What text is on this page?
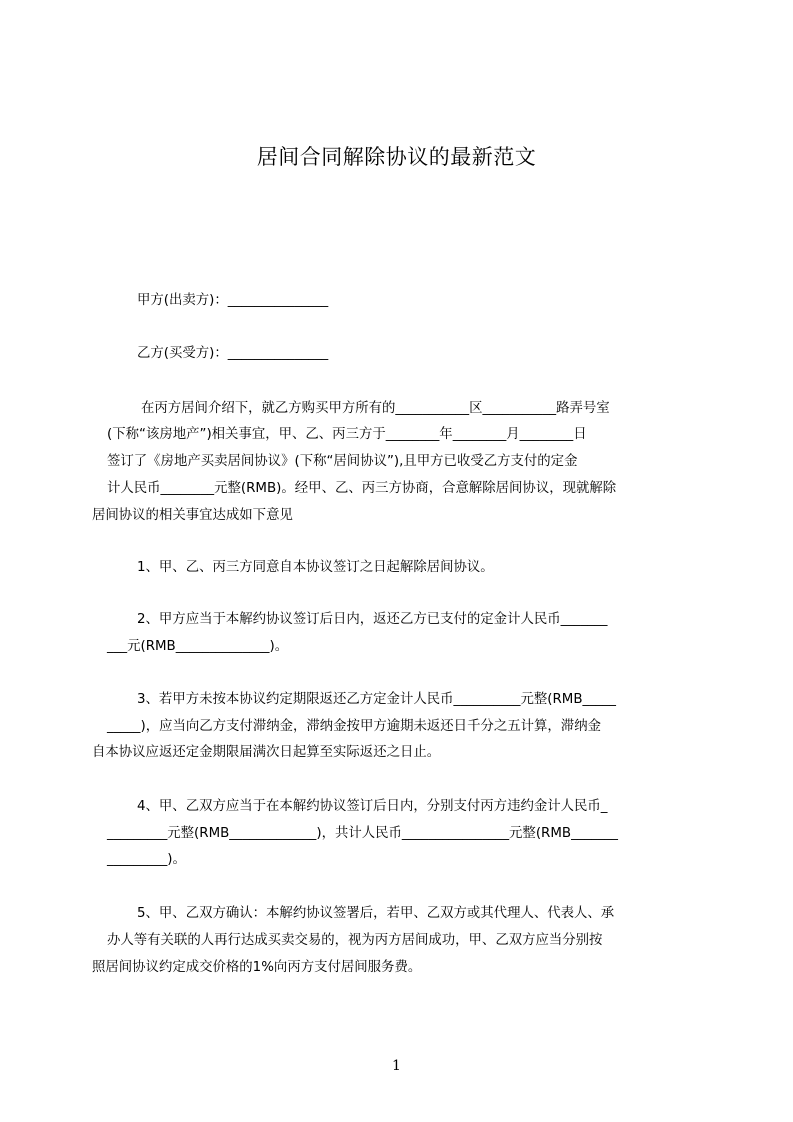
居间合同解除协议的最新范文
甲方(出卖方)：_______________
乙方(买受方)：_______________
在丙方居间介绍下，就乙方购买甲方所有的___________区___________路弄号室
(下称“该房地产”)相关事宜，甲、乙、丙三方于________年________月________日
签订了《房地产买卖居间协议》(下称“居间协议”),且甲方已收受乙方支付的定金
计人民币________元整(RMB)。经甲、乙、丙三方协商，合意解除居间协议，现就解除
居间协议的相关事宜达成如下意见
1、甲、乙、丙三方同意自本协议签订之日起解除居间协议。
2、甲方应当于本解约协议签订后日内，返还乙方已支付的定金计人民币_______
___元(RMB______________)。
3、若甲方未按本协议约定期限返还乙方定金计人民币__________元整(RMB_____
_____)，应当向乙方支付滞纳金，滞纳金按甲方逾期未返还日千分之五计算，滞纳金
自本协议应返还定金期限届满次日起算至实际返还之日止。
4、甲、乙双方应当于在本解约协议签订后日内，分别支付丙方违约金计人民币_
_________元整(RMB_____________)，共计人民币________________元整(RMB_______
_________)。
5、甲、乙双方确认：本解约协议签署后，若甲、乙双方或其代理人、代表人、承
办人等有关联的人再行达成买卖交易的，视为丙方居间成功，甲、乙双方应当分别按
照居间协议约定成交价格的1%向丙方支付居间服务费。
1
